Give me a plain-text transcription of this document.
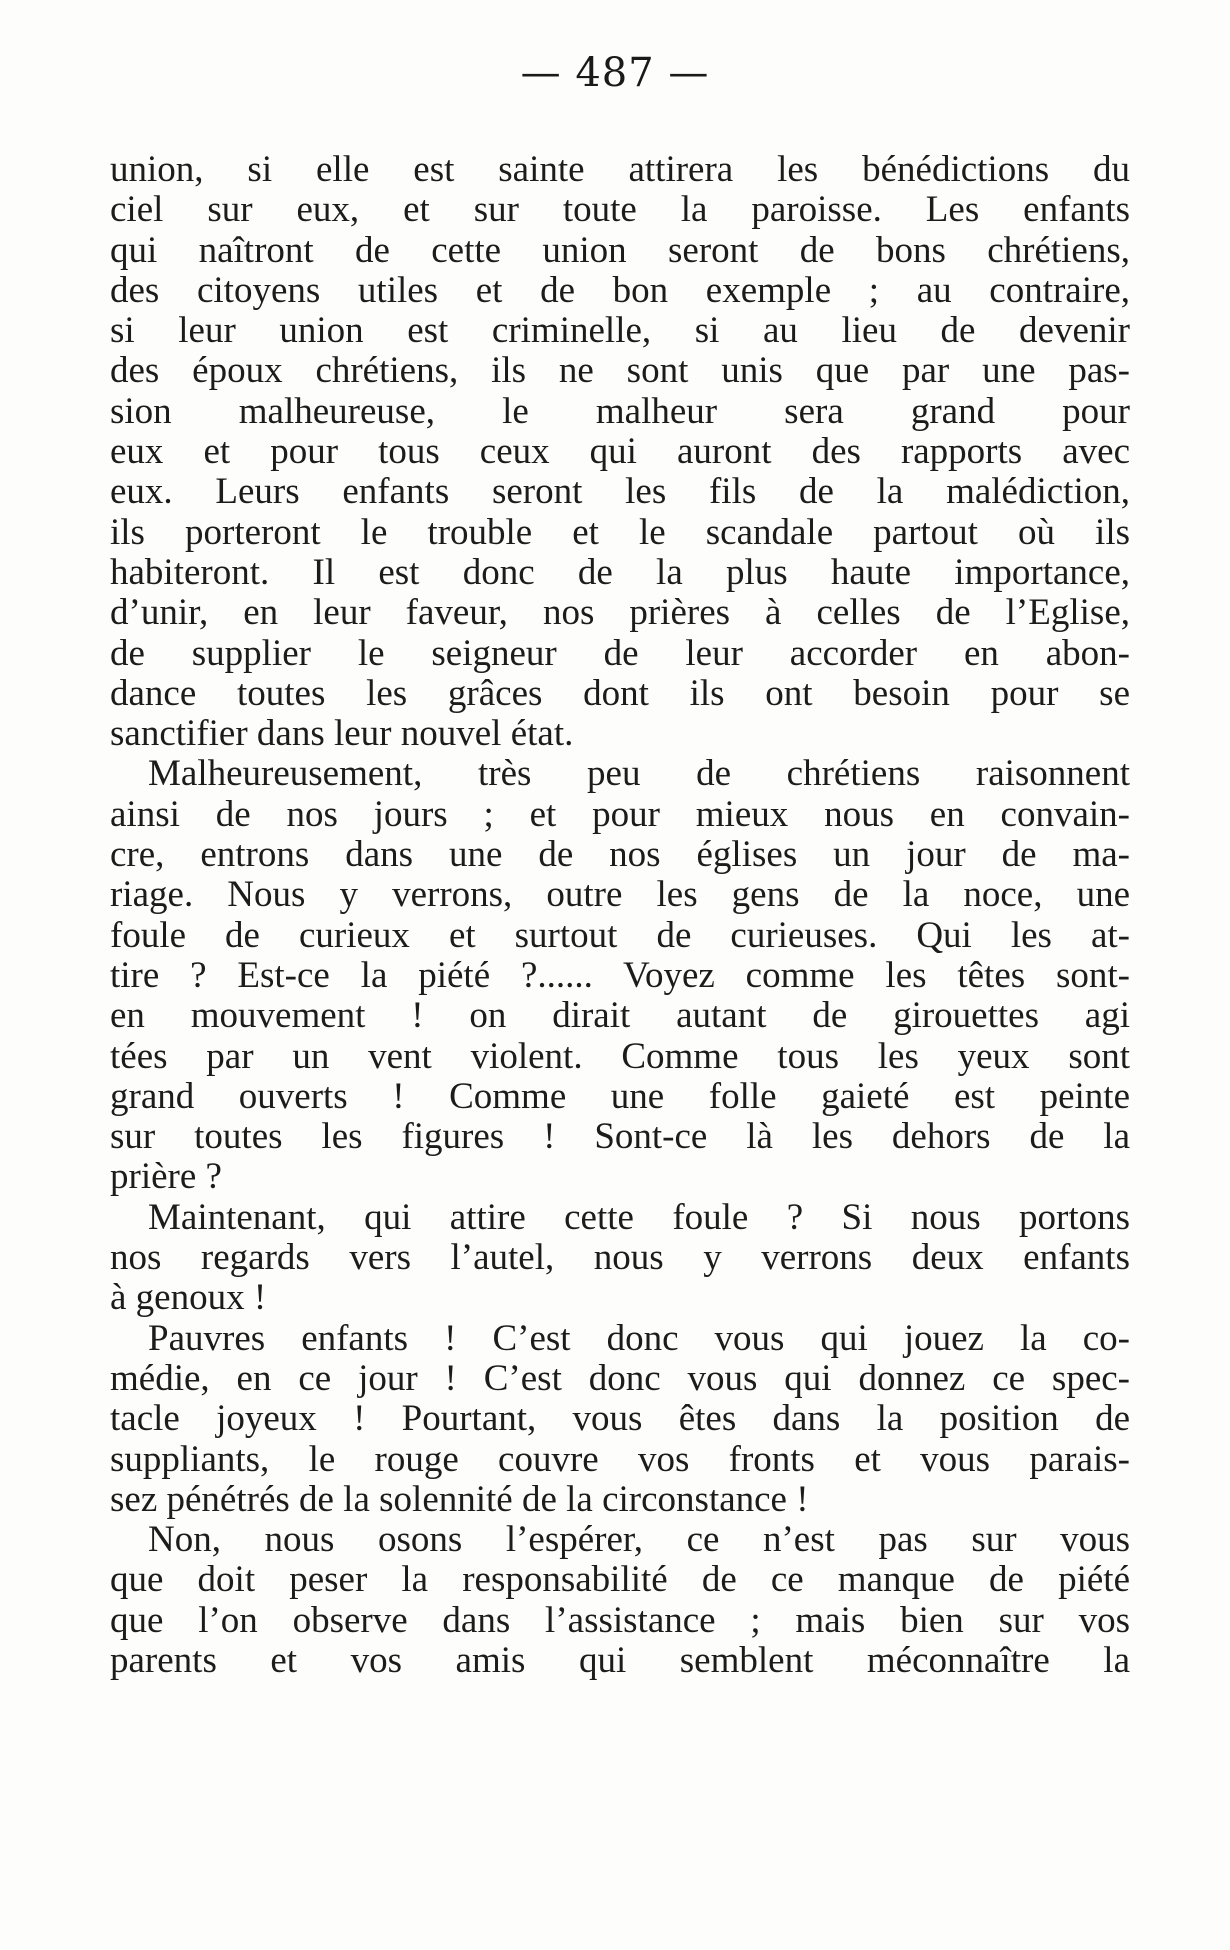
— 487 —
union, si elle est sainte attirera les bénédictions du
ciel sur eux, et sur toute la paroisse. Les enfants
qui naîtront de cette union seront de bons chrétiens,
des citoyens utiles et de bon exemple ; au contraire,
si leur union est criminelle, si au lieu de devenir
des époux chrétiens, ils ne sont unis que par une pas-
sion malheureuse, le malheur sera grand pour
eux et pour tous ceux qui auront des rapports avec
eux. Leurs enfants seront les fils de la malédiction,
ils porteront le trouble et le scandale partout où ils
habiteront. Il est donc de la plus haute importance,
d’unir, en leur faveur, nos prières à celles de l’Eglise,
de supplier le seigneur de leur accorder en abon-
dance toutes les grâces dont ils ont besoin pour se
sanctifier dans leur nouvel état.
Malheureusement, très peu de chrétiens raisonnent
ainsi de nos jours ; et pour mieux nous en convain-
cre, entrons dans une de nos églises un jour de ma-
riage. Nous y verrons, outre les gens de la noce, une
foule de curieux et surtout de curieuses. Qui les at-
tire ? Est-ce la piété ?...... Voyez comme les têtes sont-
en mouvement ! on dirait autant de girouettes agi
tées par un vent violent. Comme tous les yeux sont
grand ouverts ! Comme une folle gaieté est peinte
sur toutes les figures ! Sont-ce là les dehors de la
prière ?
Maintenant, qui attire cette foule ? Si nous portons
nos regards vers l’autel, nous y verrons deux enfants
à genoux !
Pauvres enfants ! C’est donc vous qui jouez la co-
médie, en ce jour ! C’est donc vous qui donnez ce spec-
tacle joyeux ! Pourtant, vous êtes dans la position de
suppliants, le rouge couvre vos fronts et vous parais-
sez pénétrés de la solennité de la circonstance !
Non, nous osons l’espérer, ce n’est pas sur vous
que doit peser la responsabilité de ce manque de piété
que l’on observe dans l’assistance ; mais bien sur vos
parents et vos amis qui semblent méconnaître la
